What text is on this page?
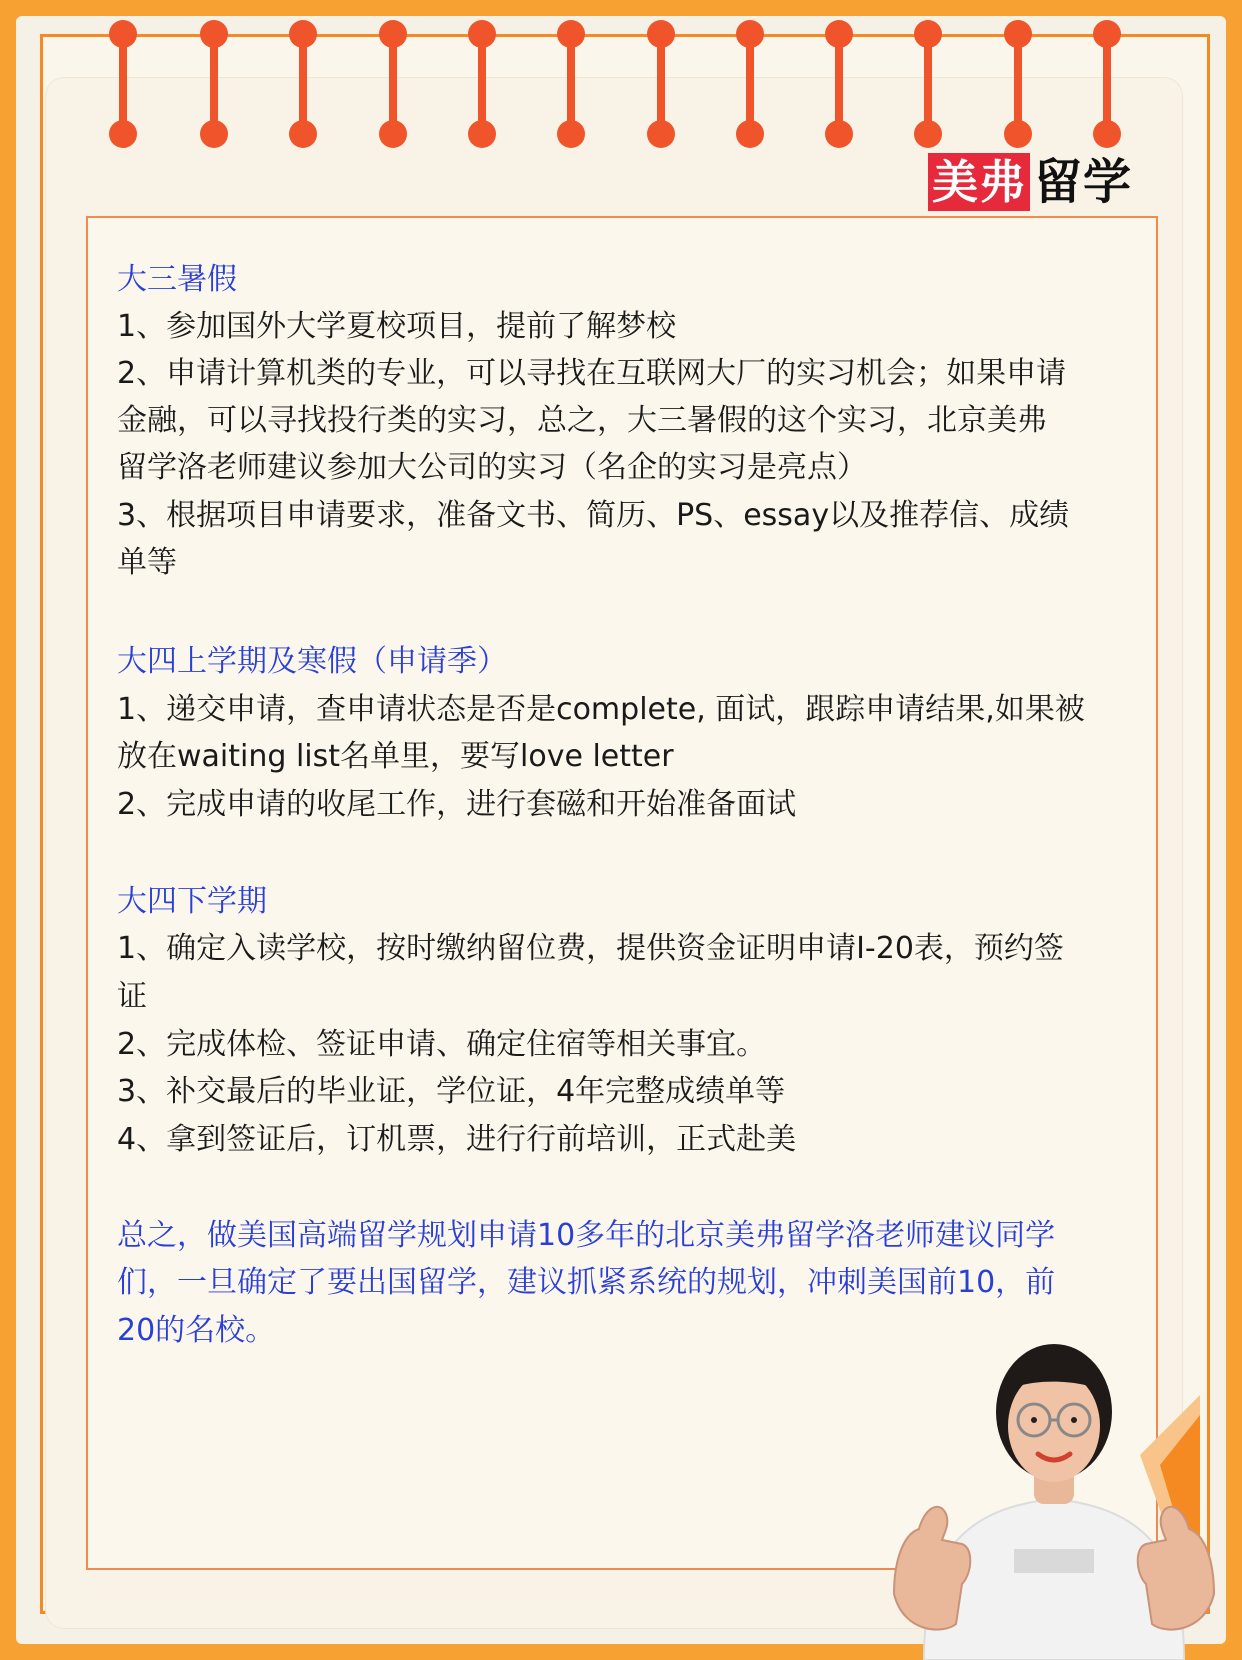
美弗 留学

大三暑假

1、参加国外大学夏校项目，提前了解梦校

2、申请计算机类的专业，可以寻找在互联网大厂的实习机会；如果申请

金融，可以寻找投行类的实习，总之，大三暑假的这个实习，北京美弗

留学洛老师建议参加大公司的实习（名企的实习是亮点）

3、根据项目申请要求，准备文书、简历、PS、essay以及推荐信、成绩

单等

大四上学期及寒假（申请季）

1、递交申请，查申请状态是否是complete, 面试，跟踪申请结果,如果被

放在waiting list名单里，要写love letter

2、完成申请的收尾工作，进行套磁和开始准备面试

大四下学期

1、确定入读学校，按时缴纳留位费，提供资金证明申请I-20表，预约签

证

2、完成体检、签证申请、确定住宿等相关事宜。

3、补交最后的毕业证，学位证，4年完整成绩单等

4、拿到签证后，订机票，进行行前培训，正式赴美

总之，做美国高端留学规划申请10多年的北京美弗留学洛老师建议同学

们，一旦确定了要出国留学，建议抓紧系统的规划，冲刺美国前10，前

20的名校。
